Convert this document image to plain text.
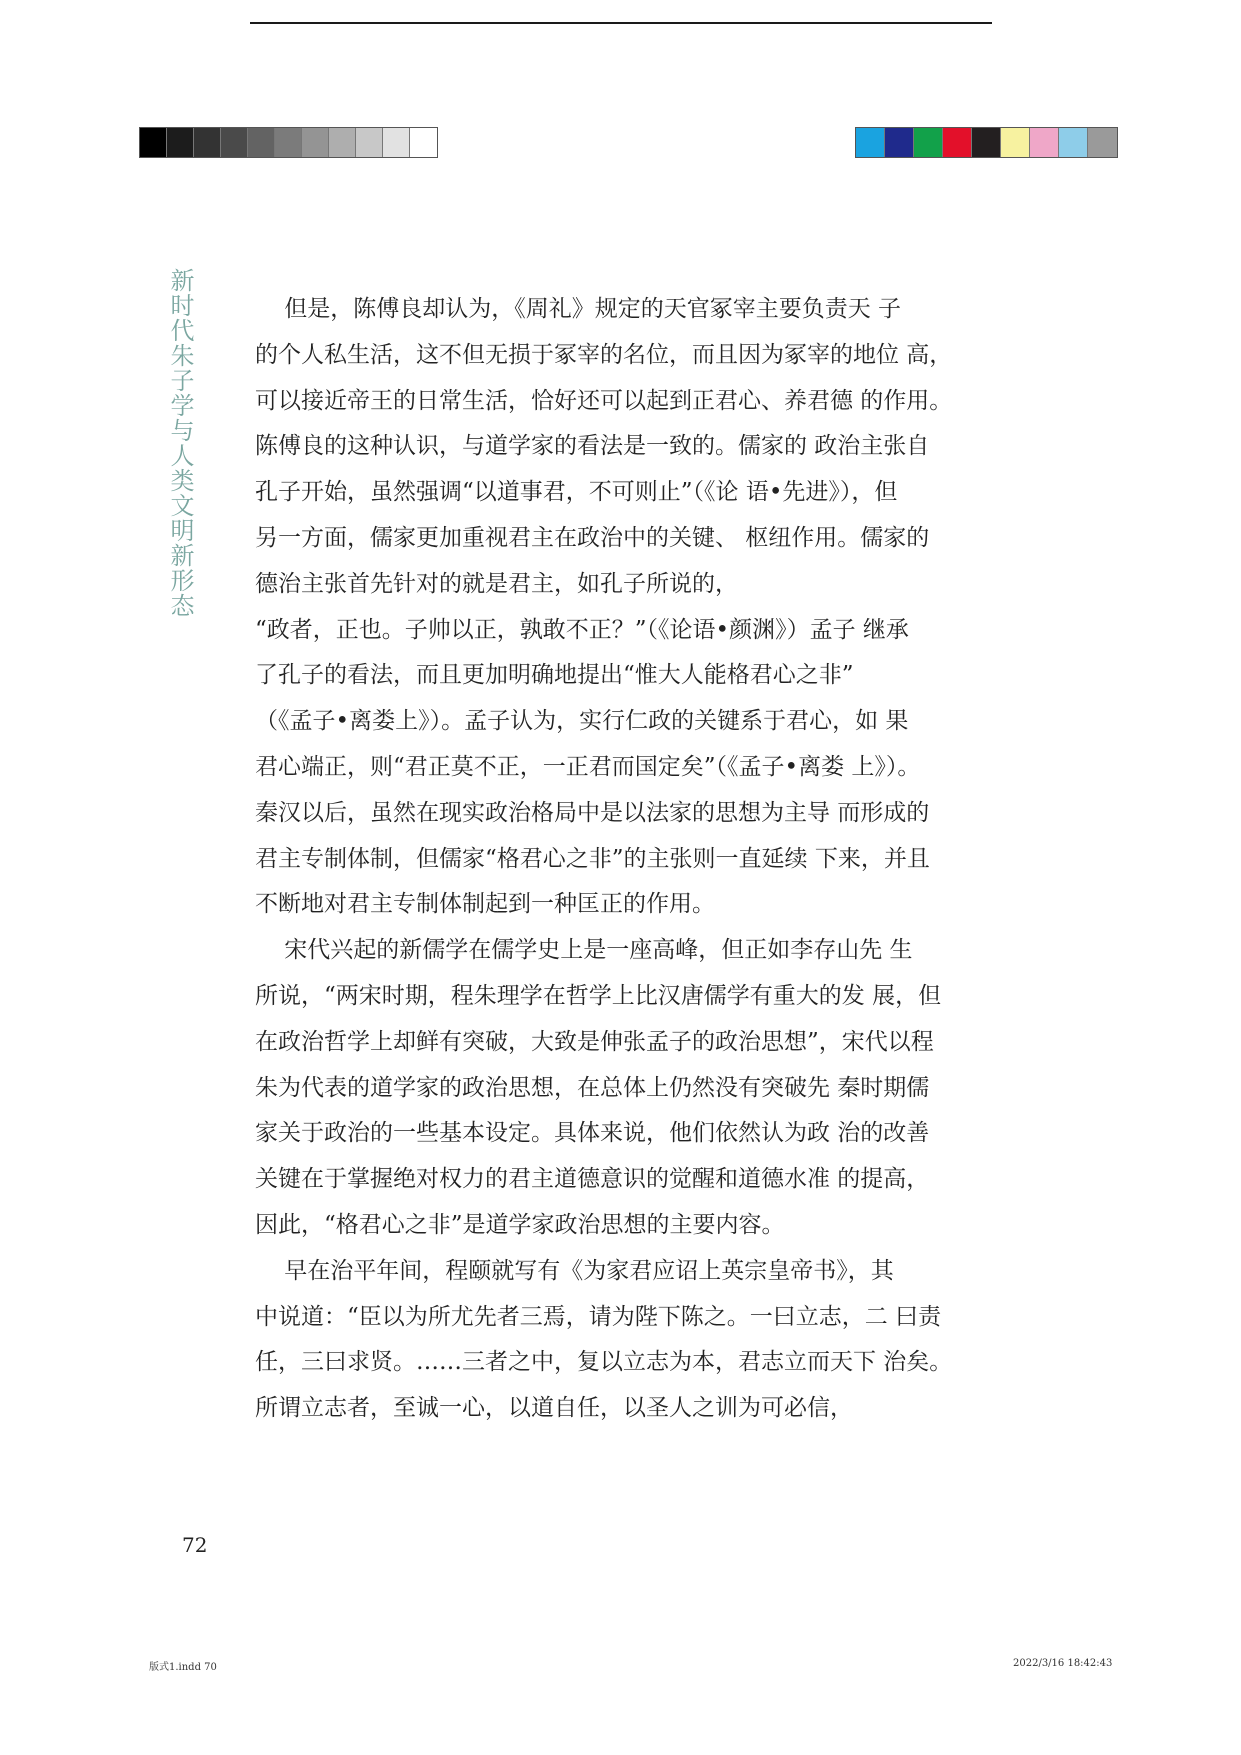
新时代朱子学与人类文明新形态	但是，陈傅良却认为，《周礼》规定的天官冢宰主要负责天 子

的个人私生活，这不但无损于冢宰的名位，而且因为冢宰的地位 高，

可以接近帝王的日常生活，恰好还可以起到正君心、养君德 的作用。

陈傅良的这种认识，与道学家的看法是一致的。儒家的 政治主张自

孔子开始，虽然强调“以道事君，不可则止”（《论 语•先进》），但

另一方面，儒家更加重视君主在政治中的关键、 枢纽作用。儒家的

德治主张首先针对的就是君主，如孔子所说的，

“政者，正也。子帅以正，孰敢不正？”（《论语•颜渊》）孟子 继承

了孔子的看法，而且更加明确地提出“惟大人能格君心之非”

（《孟子•离娄上》）。孟子认为，实行仁政的关键系于君心，如 果

君心端正，则“君正莫不正，一正君而国定矣”（《孟子•离娄 上》）。

秦汉以后，虽然在现实政治格局中是以法家的思想为主导 而形成的

君主专制体制，但儒家“格君心之非”的主张则一直延续 下来，并且

不断地对君主专制体制起到一种匡正的作用。

宋代兴起的新儒学在儒学史上是一座高峰，但正如李存山先 生

所说，“两宋时期，程朱理学在哲学上比汉唐儒学有重大的发 展，但

在政治哲学上却鲜有突破，大致是伸张孟子的政治思想”，宋代以程

朱为代表的道学家的政治思想，在总体上仍然没有突破先 秦时期儒

家关于政治的一些基本设定。具体来说，他们依然认为政 治的改善

关键在于掌握绝对权力的君主道德意识的觉醒和道德水准 的提高，

因此，“格君心之非”是道学家政治思想的主要内容。

早在治平年间，程颐就写有《为家君应诏上英宗皇帝书》，其

中说道：“臣以为所尤先者三焉，请为陛下陈之。一曰立志，二 曰责

任，三曰求贤。……三者之中，复以立志为本，君志立而天下 治矣。

所谓立志者，至诚一心，以道自任，以圣人之训为可必信，

72
版式1.indd 70	2022/3/16 18:42:43
